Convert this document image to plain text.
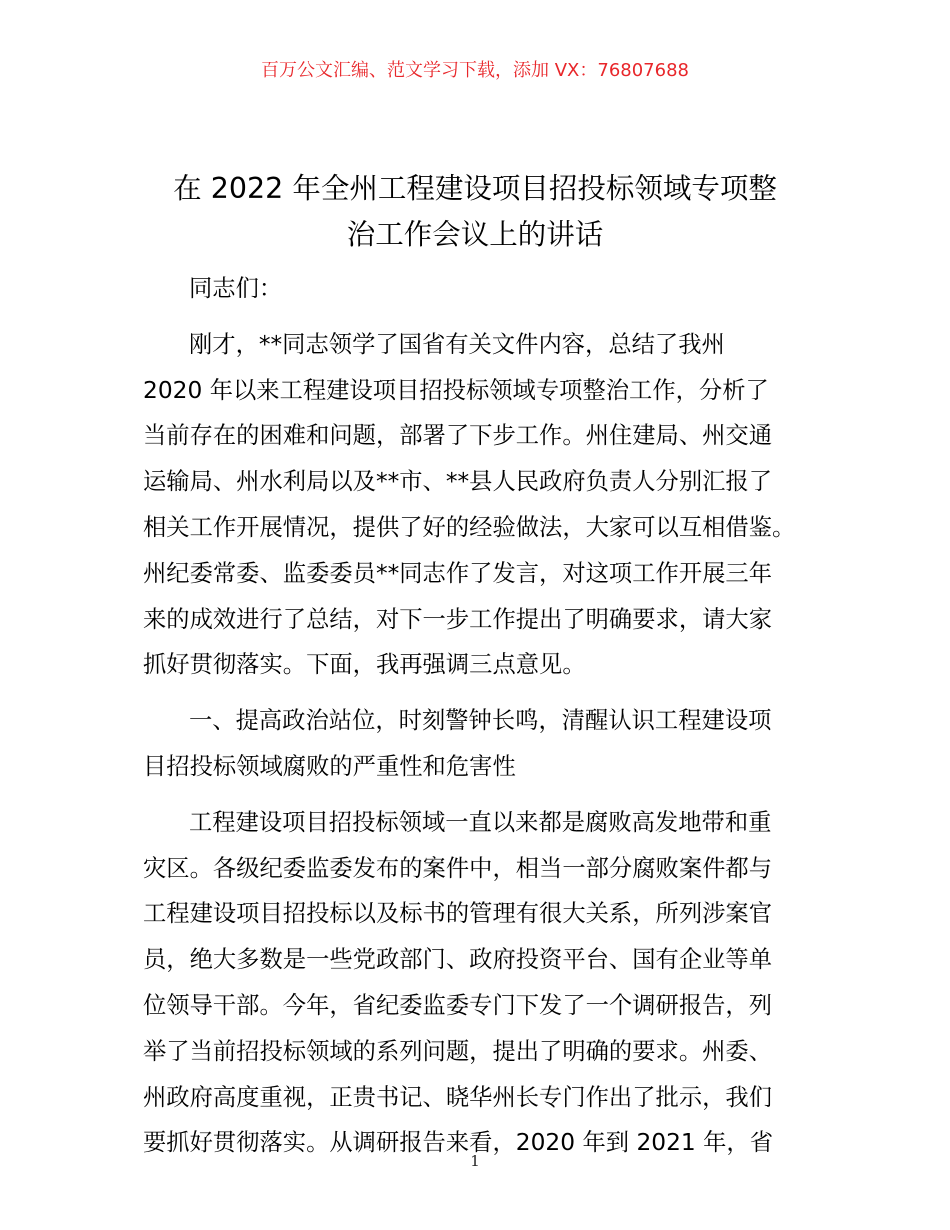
百万公文汇编、范文学习下载，添加 VX：76807688
在 2022 年全州工程建设项目招投标领域专项整
治工作会议上的讲话

同志们：

刚才，**同志领学了国省有关文件内容，总结了我州
2020 年以来工程建设项目招投标领域专项整治工作，分析了
当前存在的困难和问题，部署了下步工作。州住建局、州交通
运输局、州水利局以及**市、**县人民政府负责人分别汇报了
相关工作开展情况，提供了好的经验做法，大家可以互相借鉴。
州纪委常委、监委委员**同志作了发言，对这项工作开展三年
来的成效进行了总结，对下一步工作提出了明确要求，请大家
抓好贯彻落实。下面，我再强调三点意见。

一、提高政治站位，时刻警钟长鸣，清醒认识工程建设项
目招投标领域腐败的严重性和危害性

工程建设项目招投标领域一直以来都是腐败高发地带和重
灾区。各级纪委监委发布的案件中，相当一部分腐败案件都与
工程建设项目招投标以及标书的管理有很大关系，所列涉案官
员，绝大多数是一些党政部门、政府投资平台、国有企业等单
位领导干部。今年，省纪委监委专门下发了一个调研报告，列
举了当前招投标领域的系列问题，提出了明确的要求。州委、
州政府高度重视，正贵书记、晓华州长专门作出了批示，我们
要抓好贯彻落实。从调研报告来看，2020 年到 2021 年，省

1
